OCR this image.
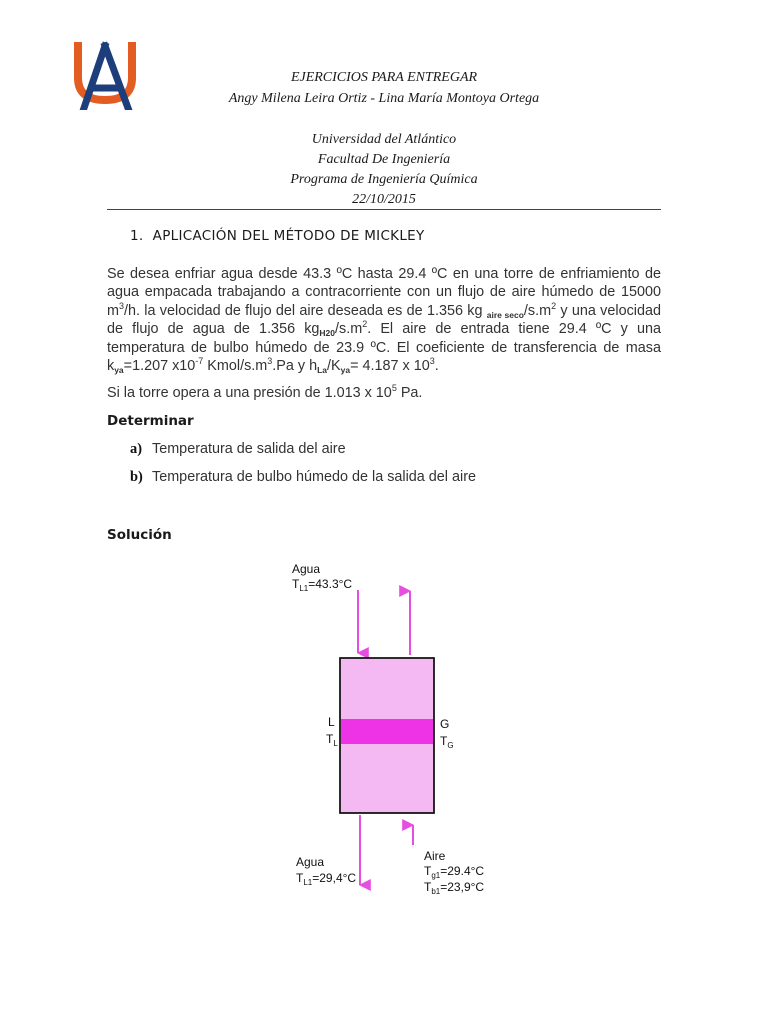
EJERCICIOS PARA ENTREGAR
Angy Milena Leira Ortiz - Lina María Montoya Ortega
Universidad del Atlántico
Facultad De Ingeniería
Programa de Ingeniería Química
22/10/2015
1. APLICACIÓN DEL MÉTODO DE MICKLEY
Se desea enfriar agua desde 43.3 ºC hasta 29.4 ºC en una torre de enfriamiento de agua empacada trabajando a contracorriente con un flujo de aire húmedo de 15000 $m^3/h$. la velocidad de flujo del aire deseada es de 1.356 kg $_{aire seco}/s.m^2$ y una velocidad de flujo de agua de 1.356 $kg_{H20}/s.m^2$. El aire de entrada tiene 29.4 ºC y una temperatura de bulbo húmedo de 23.9 ºC. El coeficiente de transferencia de masa $k_{ya}=1.207$ $x10^{-7}$ Kmol/$s.m^3.Pa$ y $h_{La}/K_{ya}= 4.187$ x $10^3$.
Si la torre opera a una presión de 1.013 x $10^5$ Pa.
Determinar
a) Temperatura de salida del aire
b) Temperatura de bulbo húmedo de la salida del aire
Solución
Agua
$T_{L1}=43.3^\circ C$
L
$T_L$
G
$T_G$
Agua
$T_{L1}=29,4^\circ C$
Aire
$T_{g1}=29.4^\circ C$
$T_{b1}=23,9^\circ C$
